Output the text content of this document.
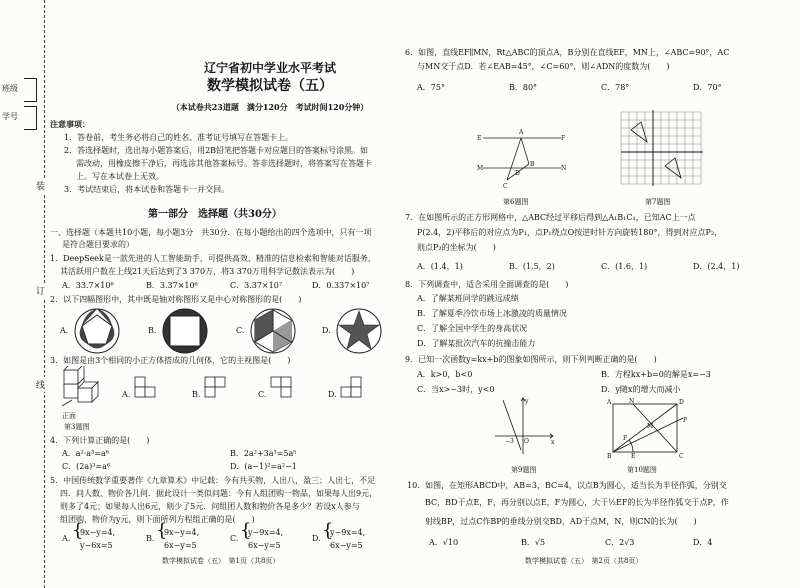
班级
学号
装
订
线
辽宁省初中学业水平考试
数学模拟试卷（五）
（本试卷共23道题　满分120分　考试时间120分钟）
注意事项：
1．答卷前，考生务必将自己的姓名、准考证号填写在答题卡上。
2．答选择题时，选出每小题答案后，用2B铅笔把答题卡对应题目的答案标号涂黑。如
需改动，用橡皮擦干净后，再选涂其他答案标号。答非选择题时，将答案写在答题卡
上。写在本试卷上无效。
3．考试结束后，将本试卷和答题卡一并交回。
第一部分　选择题（共30分）
一、选择题（本题共10小题，每小题3分　共30分．在每小题给出的四个选项中，只有一项
是符合题目要求的）
1．DeepSeek是一款先进的人工智能助手，可提供高效、精准的信息检索和智能对话服务，
其活跃用户数在上线21天后达到了3 370万，将3 370万用科学记数法表示为(　　)
A．33.7×10⁶	B．3.37×10⁶	C．3.37×10⁷	D．0.337×10⁷
2．以下四幅图形中，其中既是轴对称图形又是中心对称图形的是(　　)
A.	B.	C.	D.
3．如图是由3个相同的小正方体搭成的几何体，它的主视图是(　　)
正面
A.	B.	C.	D.
第3题图
4．下列计算正确的是(　　)
A．a²·a³=a⁶	B．2a²+3a³=5a⁵
C．(2a)³=a⁶	D．(a−1)²=a²−1
5．中国传统数学重要著作《九章算术》中记载：今有共买物，人出八，盈三；人出七，不足
四．问人数、物价各几何．据此设计一类似问题：今有人组团购一物品，如果每人出9元，
则多了4元；如果每人出6元，则少了5元．问组团人数和物价各是多少？若设x人参与
组团购，物价为y元，则下面所列方程组正确的是(　　)
A. {
9x−y=4,
y−6x=5
B. {
9x−y=4,
6x−y=5
C. {
y−9x=4,
6x−y=5
D. {
y−9x=4,
6x−y=5
数学模拟试卷（五）　第1页（共8页）
6．如图，直线EF∥MN，Rt△ABC的顶点A，B分别在直线EF，MN上，∠ABC=90°，AC
与MN交于点D．若∠EAB=45°，∠C=60°，则∠ADN的度数为(　　)
A．75°	B．80°	C．78°	D．70°
E	F
M	N
A
C
B
D
第6题图	第7题图
7．在如图所示的正方形网格中，△ABC经过平移后得到△A₁B₁C₁，已知AC上一点
P(2.4，2)平移后的对应点为P₁，点P₁绕点O按逆时针方向旋转180°，得到对应点P₂，
则点P₂的坐标为(　　)
A．(1.4，1)	B．(1.5，2)	C．(1.6，1)	D．(2.4，1)
8．下列调查中，适合采用全面调查的是(　　)
A．了解某班同学的跳远成绩
B．了解夏季冷饮市场上冰激凌的质量情况
C．了解全国中学生的身高状况
D．了解某批次汽车的抗撞击能力
9．已知一次函数y=kx+b的图象如图所示，则下列判断正确的是(　　)
A．k>0，b<0	B．方程kx+b=0的解是x=−3
C．当x>−3时，y<0	D．y随x的增大而减小
−3 O	x
y
第9题图
A	N	D
B	C
E
F
P
M
第10题图
10．如图，在矩形ABCD中，AB=3，BC=4，以点B为圆心，适当长为半径作弧，分别交
BC，BD于点E，F，再分别以点E，F为圆心，大于½EF的长为半径作弧交于点P，作
射线BP，过点C作BP的垂线分别交BD，AD于点M，N，则CN的长为(　　)
A．√10	B．√5	C．2√3	D．4
数学模拟试卷（五）　第2页（共8页）
